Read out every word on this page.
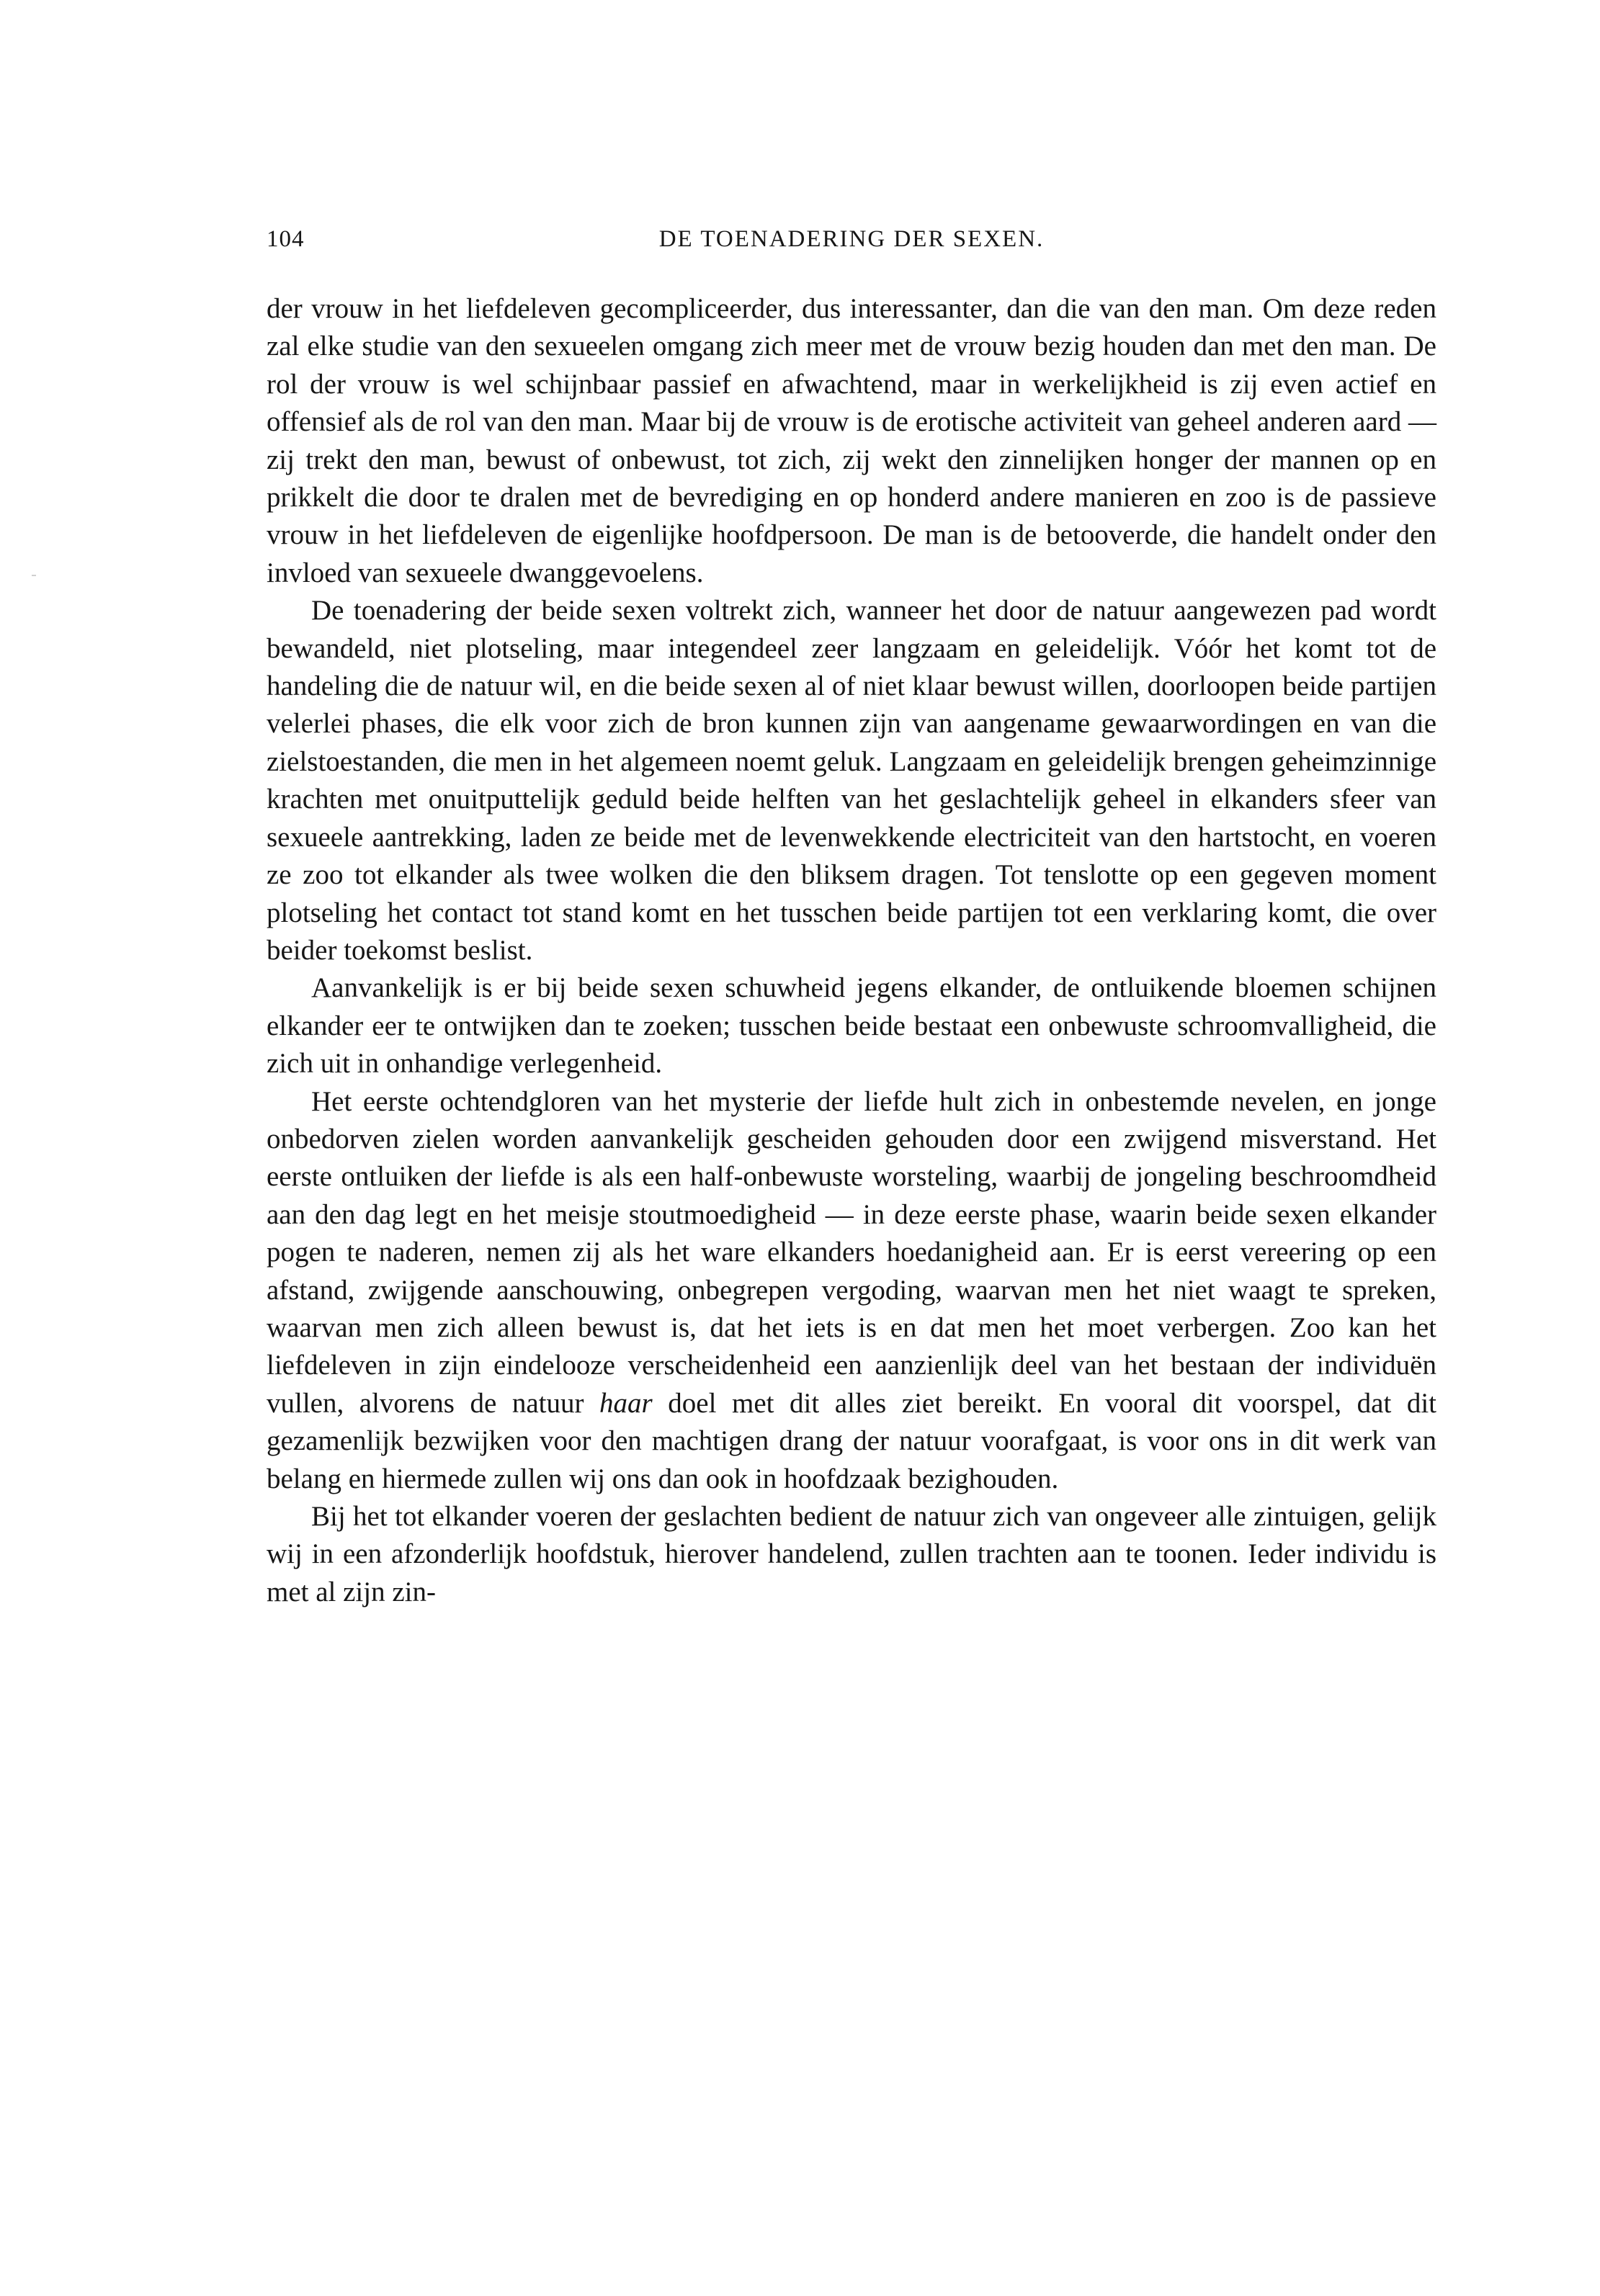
104	DE TOENADERING DER SEXEN.

der vrouw in het liefdeleven gecompliceerder, dus interessanter, dan die van den man. Om deze reden zal elke studie van den sexueelen omgang zich meer met de vrouw bezig houden dan met den man. De rol der vrouw is wel schijnbaar passief en afwachtend, maar in werkelijkheid is zij even actief en offensief als de rol van den man. Maar bij de vrouw is de erotische activiteit van geheel anderen aard — zij trekt den man, bewust of onbewust, tot zich, zij wekt den zinnelijken honger der mannen op en prikkelt die door te dralen met de bevrediging en op honderd andere manieren en zoo is de passieve vrouw in het liefdeleven de eigenlijke hoofdpersoon. De man is de betooverde, die handelt onder den invloed van sexueele dwanggevoelens.

De toenadering der beide sexen voltrekt zich, wanneer het door de natuur aangewezen pad wordt bewandeld, niet plotseling, maar integendeel zeer langzaam en geleidelijk. Vóór het komt tot de handeling die de natuur wil, en die beide sexen al of niet klaar bewust willen, doorloopen beide partijen velerlei phases, die elk voor zich de bron kunnen zijn van aangename gewaarwordingen en van die zielstoestanden, die men in het algemeen noemt geluk. Langzaam en geleidelijk brengen geheimzinnige krachten met onuitputtelijk geduld beide helften van het geslachtelijk geheel in elkanders sfeer van sexueele aantrekking, laden ze beide met de levenwekkende electriciteit van den hartstocht, en voeren ze zoo tot elkander als twee wolken die den bliksem dragen. Tot tenslotte op een gegeven moment plotseling het contact tot stand komt en het tusschen beide partijen tot een verklaring komt, die over beider toekomst beslist.

Aanvankelijk is er bij beide sexen schuwheid jegens elkander, de ontluikende bloemen schijnen elkander eer te ontwijken dan te zoeken; tusschen beide bestaat een onbewuste schroomvalligheid, die zich uit in onhandige verlegenheid.

Het eerste ochtendgloren van het mysterie der liefde hult zich in onbestemde nevelen, en jonge onbedorven zielen worden aanvankelijk gescheiden gehouden door een zwijgend misverstand. Het eerste ontluiken der liefde is als een half-onbewuste worsteling, waarbij de jongeling beschroomdheid aan den dag legt en het meisje stoutmoedigheid — in deze eerste phase, waarin beide sexen elkander pogen te naderen, nemen zij als het ware elkanders hoedanigheid aan. Er is eerst vereering op een afstand, zwijgende aanschouwing, onbegrepen vergoding, waarvan men het niet waagt te spreken, waarvan men zich alleen bewust is, dat het iets is en dat men het moet verbergen. Zoo kan het liefdeleven in zijn eindelooze verscheidenheid een aanzienlijk deel van het bestaan der individuën vullen, alvorens de natuur haar doel met dit alles ziet bereikt. En vooral dit voorspel, dat dit gezamenlijk bezwijken voor den machtigen drang der natuur voorafgaat, is voor ons in dit werk van belang en hiermede zullen wij ons dan ook in hoofdzaak bezighouden.

Bij het tot elkander voeren der geslachten bedient de natuur zich van ongeveer alle zintuigen, gelijk wij in een afzonderlijk hoofdstuk, hierover handelend, zullen trachten aan te toonen. Ieder individu is met al zijn zin-
